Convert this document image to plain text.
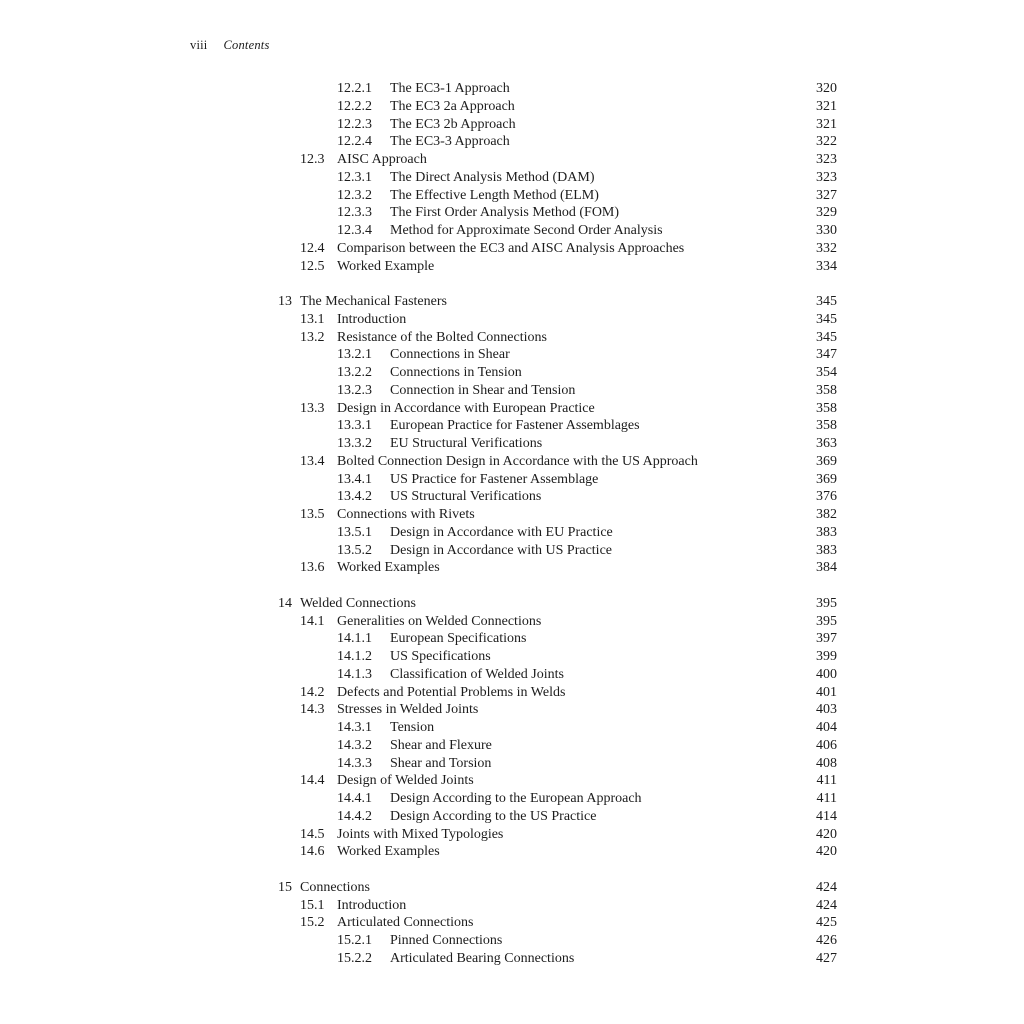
viii Contents
12.2.1	The EC3-1 Approach	320
12.2.2	The EC3 2a Approach	321
12.2.3	The EC3 2b Approach	321
12.2.4	The EC3-3 Approach	322
12.3 AISC Approach	323
12.3.1	The Direct Analysis Method (DAM)	323
12.3.2	The Effective Length Method (ELM)	327
12.3.3	The First Order Analysis Method (FOM)	329
12.3.4	Method for Approximate Second Order Analysis	330
12.4 Comparison between the EC3 and AISC Analysis Approaches	332
12.5 Worked Example	334
13 The Mechanical Fasteners	345
13.1 Introduction	345
13.2 Resistance of the Bolted Connections	345
13.2.1	Connections in Shear	347
13.2.2	Connections in Tension	354
13.2.3	Connection in Shear and Tension	358
13.3 Design in Accordance with European Practice	358
13.3.1	European Practice for Fastener Assemblages	358
13.3.2	EU Structural Verifications	363
13.4 Bolted Connection Design in Accordance with the US Approach	369
13.4.1	US Practice for Fastener Assemblage	369
13.4.2	US Structural Verifications	376
13.5 Connections with Rivets	382
13.5.1	Design in Accordance with EU Practice	383
13.5.2	Design in Accordance with US Practice	383
13.6 Worked Examples	384
14 Welded Connections	395
14.1 Generalities on Welded Connections	395
14.1.1	European Specifications	397
14.1.2	US Specifications	399
14.1.3	Classification of Welded Joints	400
14.2 Defects and Potential Problems in Welds	401
14.3 Stresses in Welded Joints	403
14.3.1	Tension	404
14.3.2	Shear and Flexure	406
14.3.3	Shear and Torsion	408
14.4 Design of Welded Joints	411
14.4.1	Design According to the European Approach	411
14.4.2	Design According to the US Practice	414
14.5 Joints with Mixed Typologies	420
14.6 Worked Examples	420
15 Connections	424
15.1 Introduction	424
15.2 Articulated Connections	425
15.2.1	Pinned Connections	426
15.2.2	Articulated Bearing Connections	427
